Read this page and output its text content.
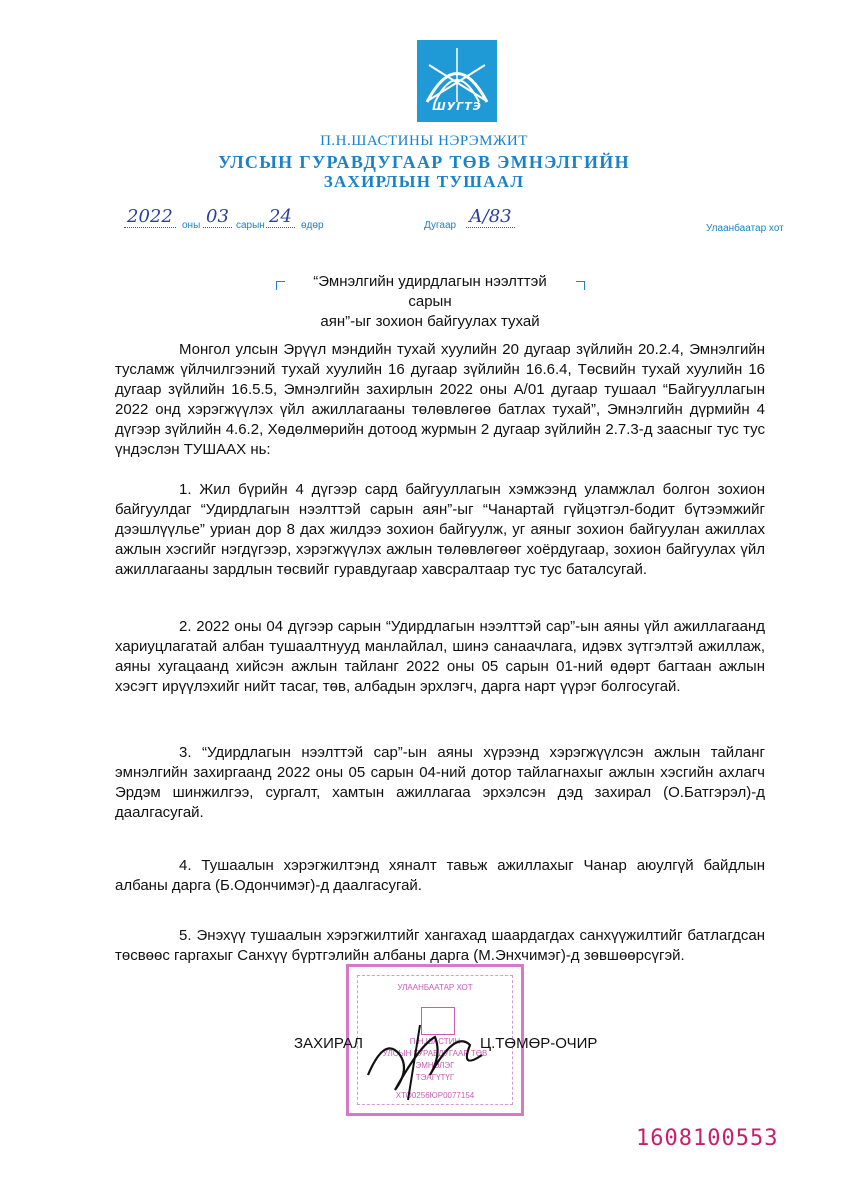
ШУГТЭ
П.Н.ШАСТИНЫ НЭРЭМЖИТ
УЛСЫН ГУРАВДУГААР ТӨВ ЭМНЭЛГИЙН
ЗАХИРЛЫН ТУШААЛ
2022 оны 03 сарын 24 өдөр	Дугаар А/83
Улаанбаатар хот
“Эмнэлгийн удирдлагын нээлттэй сарын
аян”-ыг зохион байгуулах тухай
Монгол улсын Эрүүл мэндийн тухай хуулийн 20 дугаар зүйлийн 20.2.4, Эмнэлгийн тусламж үйлчилгээний тухай хуулийн 16 дугаар зүйлийн 16.6.4, Төсвийн тухай хуулийн 16 дугаар зүйлийн 16.5.5, Эмнэлгийн захирлын 2022 оны А/01 дугаар тушаал “Байгууллагын 2022 онд хэрэгжүүлэх үйл ажиллагааны төлөвлөгөө батлах тухай”, Эмнэлгийн дүрмийн 4 дүгээр зүйлийн 4.6.2, Хөдөлмөрийн дотоод журмын 2 дугаар зүйлийн 2.7.3-д заасныг тус тус үндэслэн ТУШААХ нь:
1. Жил бүрийн 4 дүгээр сард байгууллагын хэмжээнд уламжлал болгон зохион байгуулдаг “Удирдлагын нээлттэй сарын аян”-ыг “Чанартай гүйцэтгэл-бодит бүтээмжийг дээшлүүлье” уриан дор 8 дах жилдээ зохион байгуулж, уг аяныг зохион байгуулан ажиллах ажлын хэсгийг нэгдүгээр, хэрэгжүүлэх ажлын төлөвлөгөөг хоёрдугаар, зохион байгуулах үйл ажиллагааны зардлын төсвийг гуравдугаар хавсралтаар тус тус баталсугай.
2. 2022 оны 04 дүгээр сарын “Удирдлагын нээлттэй сар”-ын аяны үйл ажиллагаанд хариуцлагатай албан тушаалтнууд манлайлал, шинэ санаачлага, идэвх зүтгэлтэй ажиллаж, аяны хугацаанд хийсэн ажлын тайланг 2022 оны 05 сарын 01-ний өдөрт багтаан ажлын хэсэгт ирүүлэхийг нийт тасаг, төв, албадын эрхлэгч, дарга нарт үүрэг болгосугай.
3. “Удирдлагын нээлттэй сар”-ын аяны хүрээнд хэрэгжүүлсэн ажлын тайланг эмнэлгийн захиргаанд 2022 оны 05 сарын 04-ний дотор тайлагнахыг ажлын хэсгийн ахлагч Эрдэм шинжилгээ, сургалт, хамтын ажиллагаа эрхэлсэн дэд захирал (О.Батгэрэл)-д даалгасугай.
4. Тушаалын хэрэгжилтэнд хяналт тавьж ажиллахыг Чанар аюулгүй байдлын албаны дарга (Б.Одончимэг)-д даалгасугай.
5. Энэхүү тушаалын хэрэгжилтийг хангахад шаардагдах санхүүжилтийг батлагдсан төсвөөс гаргахыг Санхүү бүртгэлийн албаны дарга (М.Энхчимэг)-д зөвшөөрсүгэй.
УЛААНБААТАР ХОТ
П.Н.ШАСТИН
УЛСЫН ГУРАВДУГААР ТӨВ
ЭМНЭЛЭГ
ТЭАГҮТҮГ
ХТО0256ЮР0077154
ЗАХИРАЛ	Ц.ТӨМӨР-ОЧИР
1608100553
